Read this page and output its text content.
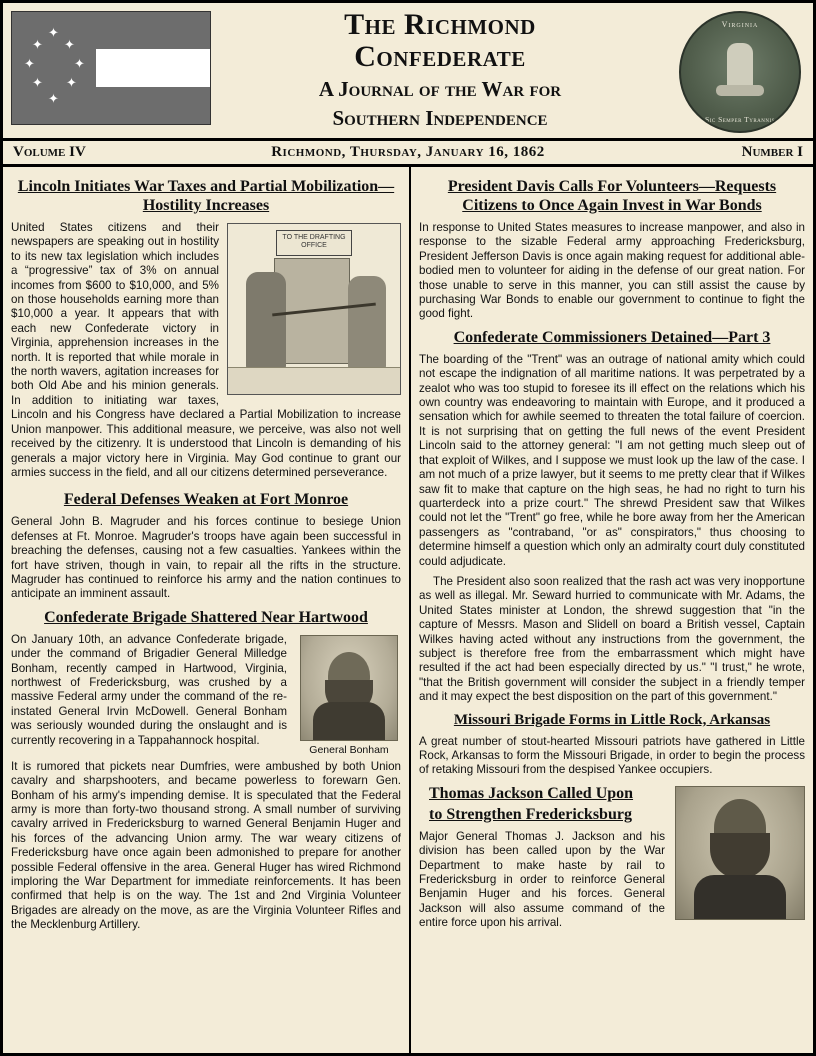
✦
✦ ✦
✦	✦
✦ ✦
✦
The Richmond
Confederate
A Journal of the War for
Southern Independence
Virginia
Sic Semper Tyrannis
Volume IV	Richmond, Thursday, January 16, 1862	Number I
Lincoln Initiates War Taxes and Partial Mobilization—Hostility Increases
TO THE DRAFTING OFFICE

United States citizens and their newspapers are speaking out in hostility to its new tax legislation which includes a “progressive” tax of 3% on annual incomes from $600 to $10,000, and 5% on those households earning more than $10,000 a year. It appears that with each new Confederate victory in Virginia, apprehension increases in the north. It is reported that while morale in the north wavers, agitation increases for both Old Abe and his minion generals. In addition to initiating war taxes, Lincoln and his Congress have declared a Partial Mobilization to increase Union manpower. This additional measure, we perceive, was also not well received by the citizenry. It is understood that Lincoln is demanding of his generals a major victory here in Virginia. May God continue to grant our armies success in the field, and all our citizens determined perseverance.

Federal Defenses Weaken at Fort Monroe

General John B. Magruder and his forces continue to besiege Union defenses at Ft. Monroe. Magruder's troops have again been successful in breaching the defenses, causing not a few casualties. Yankees within the fort have striven, though in vain, to repair all the rifts in the structure. Magruder has continued to reinforce his army and the nation continues to anticipate an imminent assault.

Confederate Brigade Shattered Near Hartwood
General Bonham

On January 10th, an advance Confederate brigade, under the command of Brigadier General Milledge Bonham, recently camped in Hartwood, Virginia, northwest of Fredericksburg, was crushed by a massive Federal army under the command of the re-instated General Irvin McDowell. General Bonham was seriously wounded during the onslaught and is currently recovering in a Tappahannock hospital.

It is rumored that pickets near Dumfries, were ambushed by both Union cavalry and sharpshooters, and became powerless to forewarn Gen. Bonham of his army's impending demise. It is speculated that the Federal army is more than forty-two thousand strong. A small number of surviving cavalry arrived in Fredericksburg to warned General Benjamin Huger and his forces of the advancing Union army. The war weary citizens of Fredericksburg have once again been admonished to prepare for another possible Federal offensive in the area. General Huger has wired Richmond imploring the War Department for immediate reinforcements. It has been confirmed that help is on the way. The 1st and 2nd Virginia Volunteer Brigades are already on the move, as are the Virginia Volunteer Rifles and the Mecklenburg Artillery.

President Davis Calls For Volunteers—Requests Citizens to Once Again Invest in War Bonds

In response to United States measures to increase manpower, and also in response to the sizable Federal army approaching Fredericksburg, President Jefferson Davis is once again making request for additional able-bodied men to volunteer for aiding in the defense of our great nation. For those unable to serve in this manner, you can still assist the cause by purchasing War Bonds to enable our government to continue to fight the good fight.

Confederate Commissioners Detained—Part 3

The boarding of the "Trent" was an outrage of national amity which could not escape the indignation of all maritime nations. It was perpetrated by a zealot who was too stupid to foresee its ill effect on the relations which his own country was endeavoring to maintain with Europe, and it produced a sensation which for awhile seemed to threaten the total failure of coercion. It is not surprising that on getting the full news of the event President Lincoln said to the attorney general: "I am not getting much sleep out of that exploit of Wilkes, and I suppose we must look up the law of the case. I am not much of a prize lawyer, but it seems to me pretty clear that if Wilkes saw fit to make that capture on the high seas, he had no right to turn his quarterdeck into a prize court." The shrewd President saw that Wilkes could not let the "Trent" go free, while he bore away from her the American passengers as "contraband, "or as" conspirators," thus choosing to determine himself a question which only an admiralty court duly constituted could adjudicate.

The President also soon realized that the rash act was very inopportune as well as illegal. Mr. Seward hurried to communicate with Mr. Adams, the United States minister at London, the shrewd suggestion that "in the capture of Messrs. Mason and Slidell on board a British vessel, Captain Wilkes having acted without any instructions from the government, the subject is therefore free from the embarrassment which might have resulted if the act had been especially directed by us." "I trust," he wrote, "that the British government will consider the subject in a friendly temper and it may expect the best disposition on the part of this government."

Missouri Brigade Forms in Little Rock, Arkansas

A great number of stout-hearted Missouri patriots have gathered in Little Rock, Arkansas to form the Missouri Brigade, in order to begin the process of retaking Missouri from the despised Yankee occupiers.

Thomas Jackson Called Upon
to Strengthen Fredericksburg

Major General Thomas J. Jackson and his division has been called upon by the War Department to make haste by rail to Fredericksburg in order to reinforce General Benjamin Huger and his forces. General Jackson will also assume command of the entire force upon his arrival.
